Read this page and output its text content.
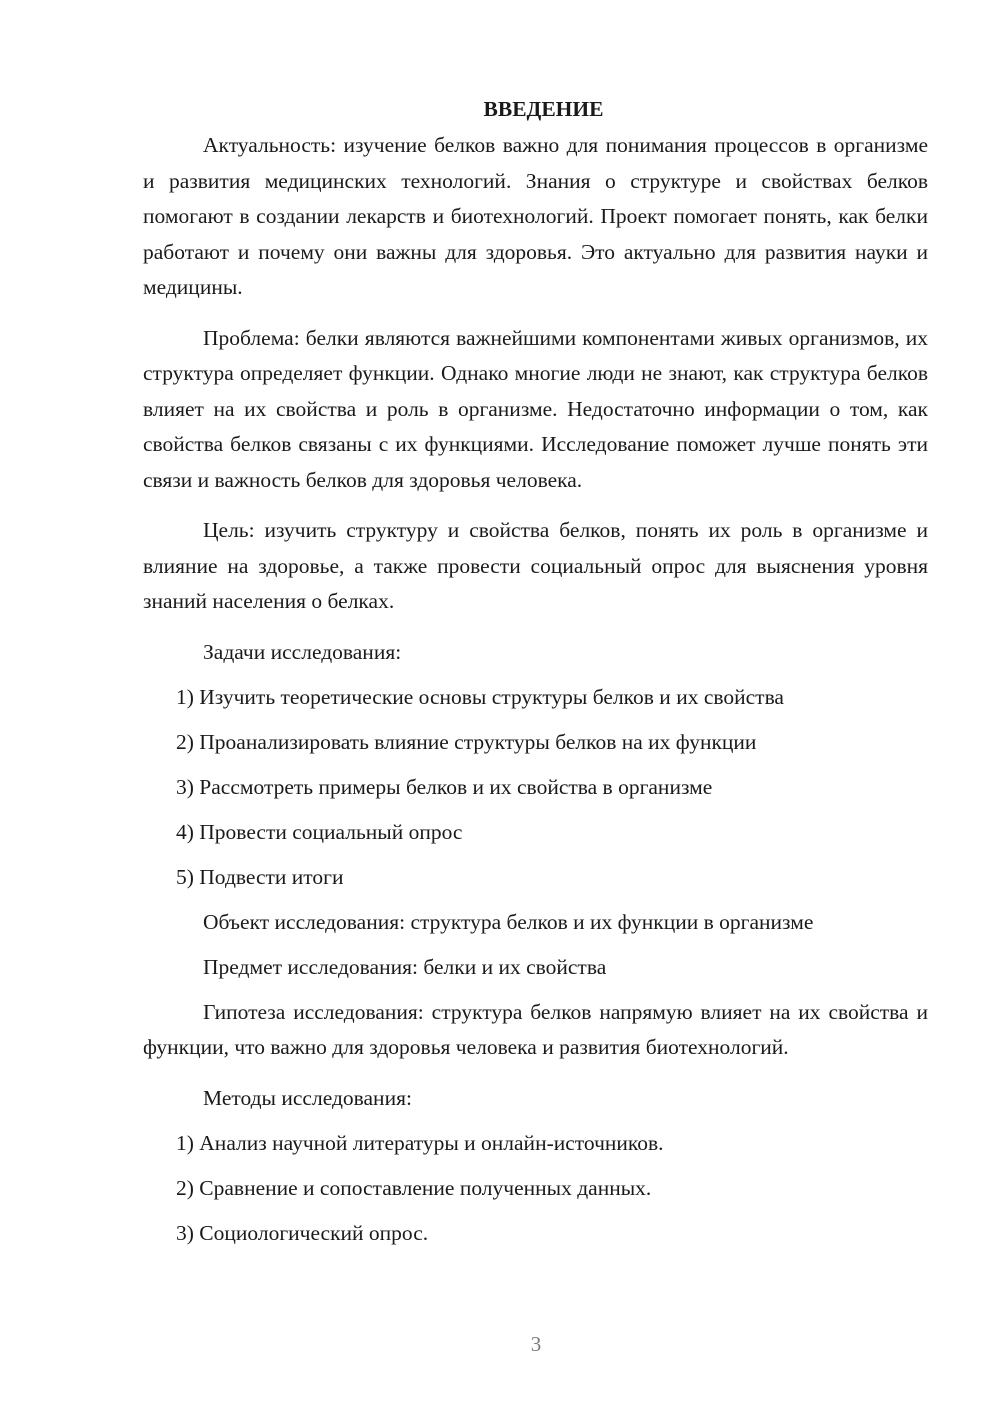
ВВЕДЕНИЕ

Актуальность: изучение белков важно для понимания процессов в организме и развития медицинских технологий. Знания о структуре и свойствах белков помогают в создании лекарств и биотехнологий. Проект помогает понять, как белки работают и почему они важны для здоровья. Это актуально для развития науки и медицины.

Проблема: белки являются важнейшими компонентами живых организмов, их структура определяет функции. Однако многие люди не знают, как структура белков влияет на их свойства и роль в организме. Недостаточно информации о том, как свойства белков связаны с их функциями. Исследование поможет лучше понять эти связи и важность белков для здоровья человека.

Цель: изучить структуру и свойства белков, понять их роль в организме и влияние на здоровье, а также провести социальный опрос для выяснения уровня знаний населения о белках.

Задачи исследования:
1) Изучить теоретические основы структуры белков и их свойства
2) Проанализировать влияние структуры белков на их функции
3) Рассмотреть примеры белков и их свойства в организме
4) Провести социальный опрос
5) Подвести итоги
Объект исследования: структура белков и их функции в организме
Предмет исследования: белки и их свойства

Гипотеза исследования: структура белков напрямую влияет на их свойства и функции, что важно для здоровья человека и развития биотехнологий.

Методы исследования:
1) Анализ научной литературы и онлайн-источников.
2) Сравнение и сопоставление полученных данных.
3) Социологический опрос.
3
